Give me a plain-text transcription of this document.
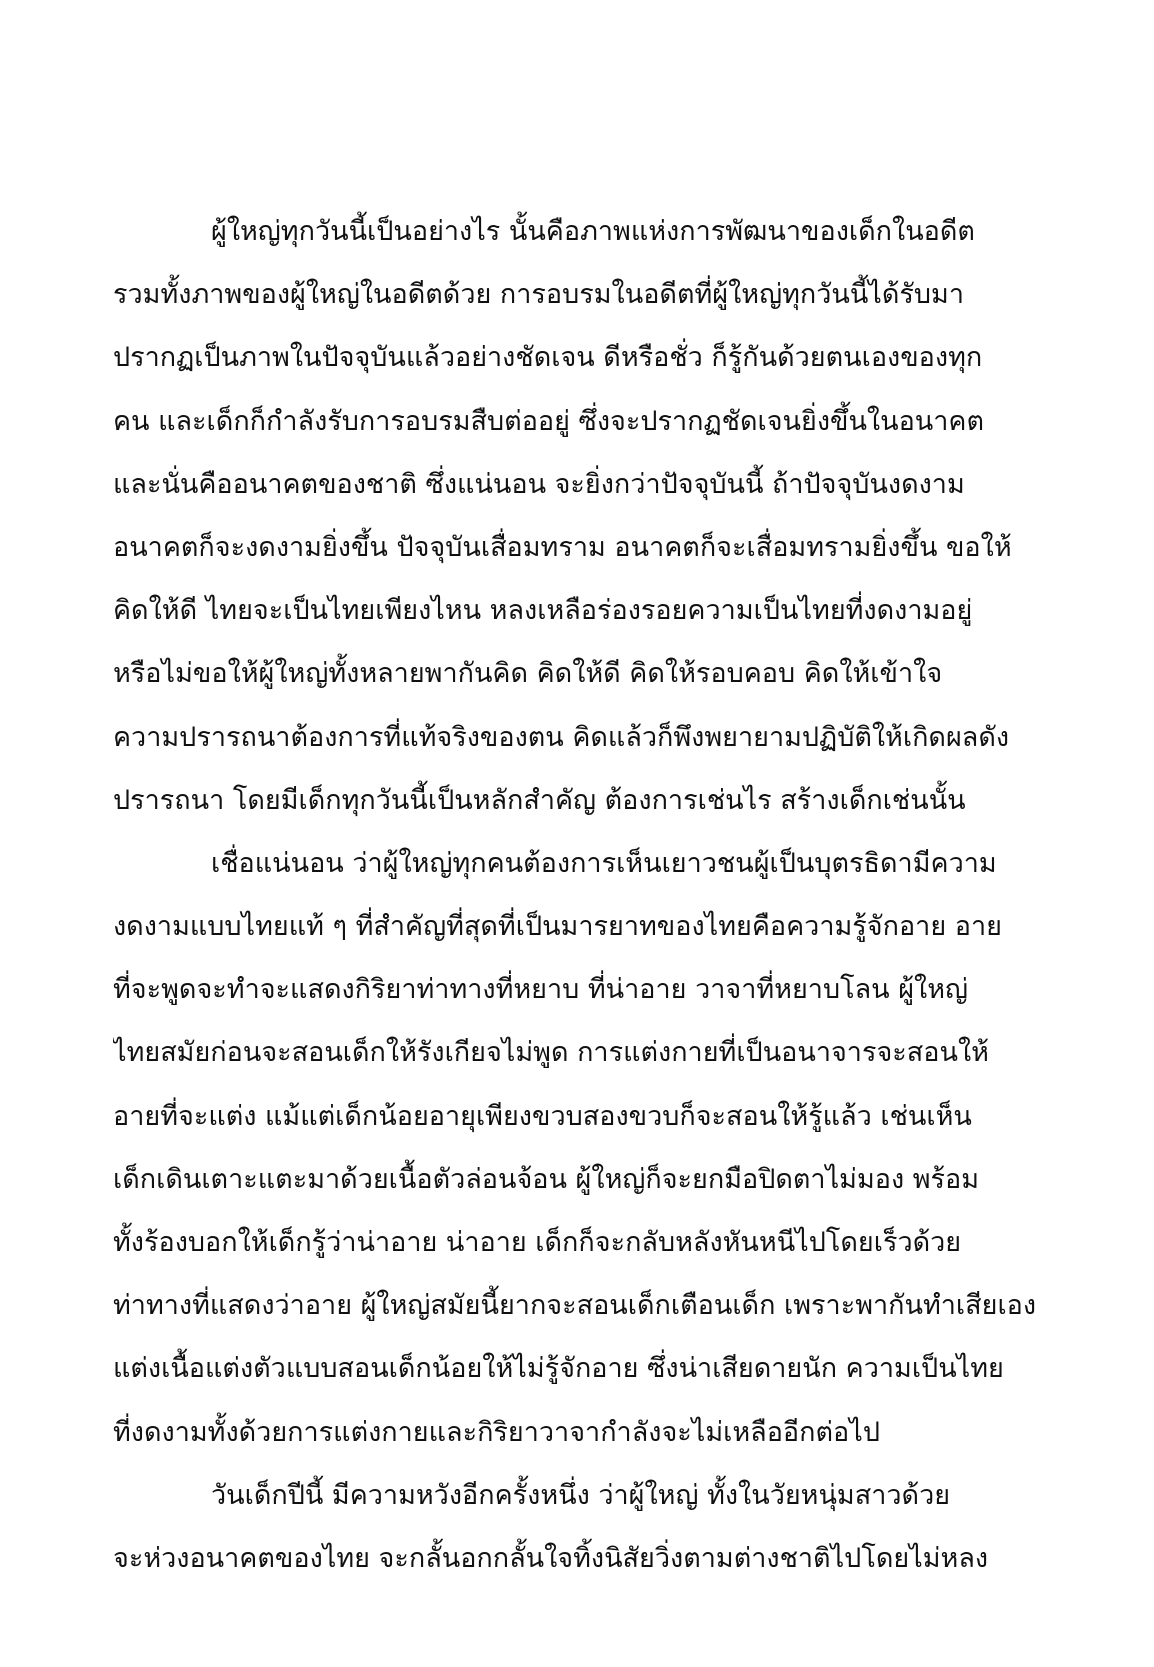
ผู้ใหญ่ทุกวันนี้เป็นอย่างไร นั้นคือภาพแห่งการพัฒนาของเด็กในอดีต
รวมทั้งภาพของผู้ใหญ่ในอดีตด้วย การอบรมในอดีตที่ผู้ใหญ่ทุกวันนี้ได้รับมา
ปรากฏเป็นภาพในปัจจุบันแล้วอย่างชัดเจน ดีหรือชั่ว ก็รู้กันด้วยตนเองของทุก
คน และเด็กก็กำลังรับการอบรมสืบต่ออยู่ ซึ่งจะปรากฏชัดเจนยิ่งขึ้นในอนาคต
และนั่นคืออนาคตของชาติ ซึ่งแน่นอน จะยิ่งกว่าปัจจุบันนี้ ถ้าปัจจุบันงดงาม
อนาคตก็จะงดงามยิ่งขึ้น ปัจจุบันเสื่อมทราม อนาคตก็จะเสื่อมทรามยิ่งขึ้น ขอให้
คิดให้ดี ไทยจะเป็นไทยเพียงไหน หลงเหลือร่องรอยความเป็นไทยที่งดงามอยู่
หรือไม่ขอให้ผู้ใหญ่ทั้งหลายพากันคิด คิดให้ดี คิดให้รอบคอบ คิดให้เข้าใจ
ความปรารถนาต้องการที่แท้จริงของตน คิดแล้วก็พึงพยายามปฏิบัติให้เกิดผลดัง
ปรารถนา โดยมีเด็กทุกวันนี้เป็นหลักสำคัญ ต้องการเช่นไร สร้างเด็กเช่นนั้น
เชื่อแน่นอน ว่าผู้ใหญ่ทุกคนต้องการเห็นเยาวชนผู้เป็นบุตรธิดามีความ
งดงามแบบไทยแท้ ๆ ที่สำคัญที่สุดที่เป็นมารยาทของไทยคือความรู้จักอาย อาย
ที่จะพูดจะทำจะแสดงกิริยาท่าทางที่หยาบ ที่น่าอาย วาจาที่หยาบโลน ผู้ใหญ่
ไทยสมัยก่อนจะสอนเด็กให้รังเกียจไม่พูด การแต่งกายที่เป็นอนาจารจะสอนให้
อายที่จะแต่ง แม้แต่เด็กน้อยอายุเพียงขวบสองขวบก็จะสอนให้รู้แล้ว เช่นเห็น
เด็กเดินเตาะแตะมาด้วยเนื้อตัวล่อนจ้อน ผู้ใหญ่ก็จะยกมือปิดตาไม่มอง พร้อม
ทั้งร้องบอกให้เด็กรู้ว่าน่าอาย น่าอาย เด็กก็จะกลับหลังหันหนีไปโดยเร็วด้วย
ท่าทางที่แสดงว่าอาย ผู้ใหญ่สมัยนี้ยากจะสอนเด็กเตือนเด็ก เพราะพากันทำเสียเอง
แต่งเนื้อแต่งตัวแบบสอนเด็กน้อยให้ไม่รู้จักอาย ซึ่งน่าเสียดายนัก ความเป็นไทย
ที่งดงามทั้งด้วยการแต่งกายและกิริยาวาจากำลังจะไม่เหลืออีกต่อไป
วันเด็กปีนี้ มีความหวังอีกครั้งหนึ่ง ว่าผู้ใหญ่ ทั้งในวัยหนุ่มสาวด้วย
จะห่วงอนาคตของไทย จะกลั้นอกกลั้นใจทิ้งนิสัยวิ่งตามต่างชาติไปโดยไม่หลง
